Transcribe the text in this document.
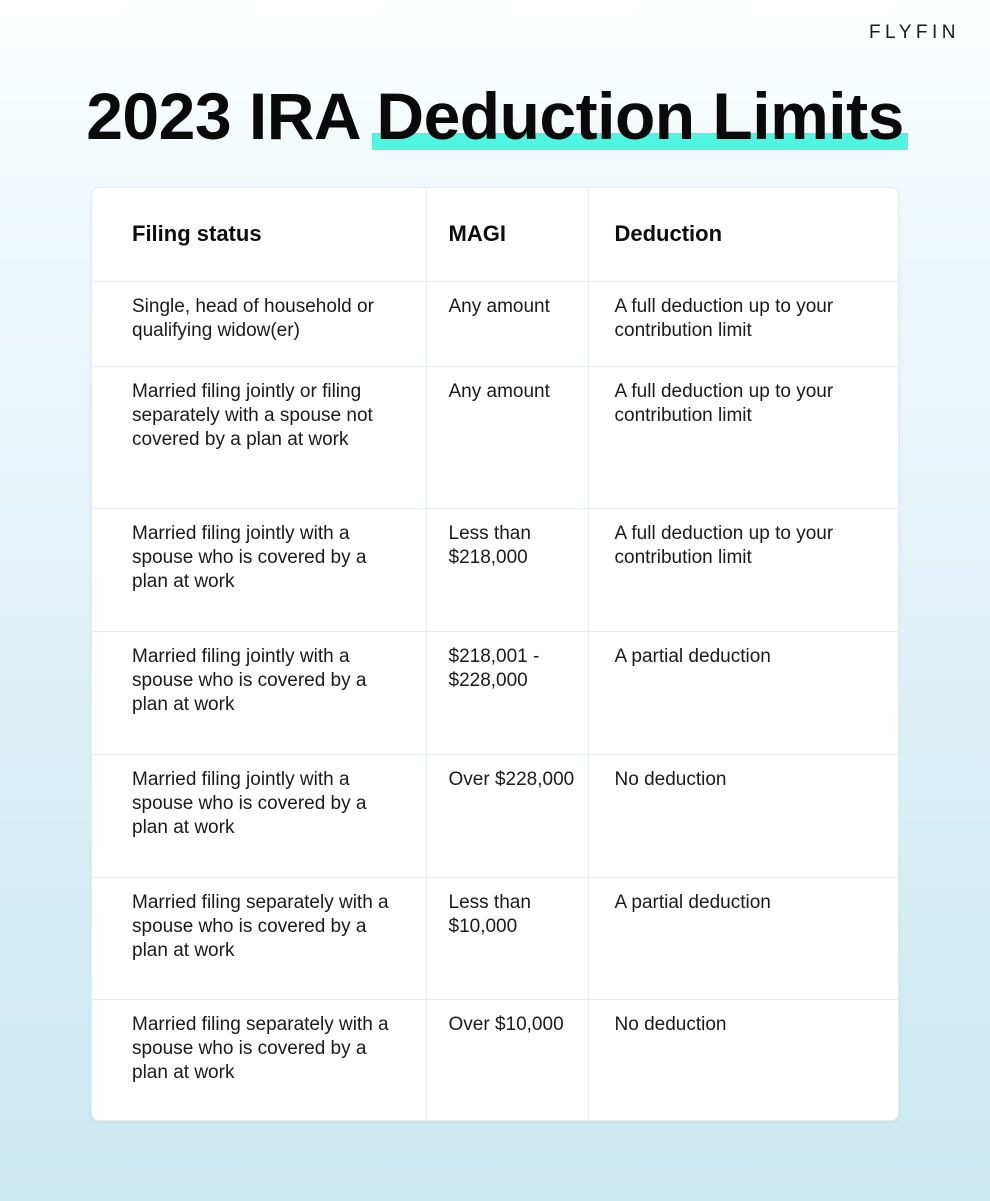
FLYFIN
2023 IRA Deduction Limits
Filing status	MAGI	Deduction
Single, head of household or qualifying widow(er)	Any amount	A full deduction up to your contribution limit
Married filing jointly or filing separately with a spouse not covered by a plan at work	Any amount	A full deduction up to your contribution limit
Married filing jointly with a spouse who is covered by a plan at work	Less than $218,000	A full deduction up to your contribution limit
Married filing jointly with a spouse who is covered by a plan at work	$218,001 - $228,000	A partial deduction
Married filing jointly with a spouse who is covered by a plan at work	Over $228,000	No deduction
Married filing separately with a spouse who is covered by a plan at work	Less than $10,000	A partial deduction
Married filing separately with a spouse who is covered by a plan at work	Over $10,000	No deduction
